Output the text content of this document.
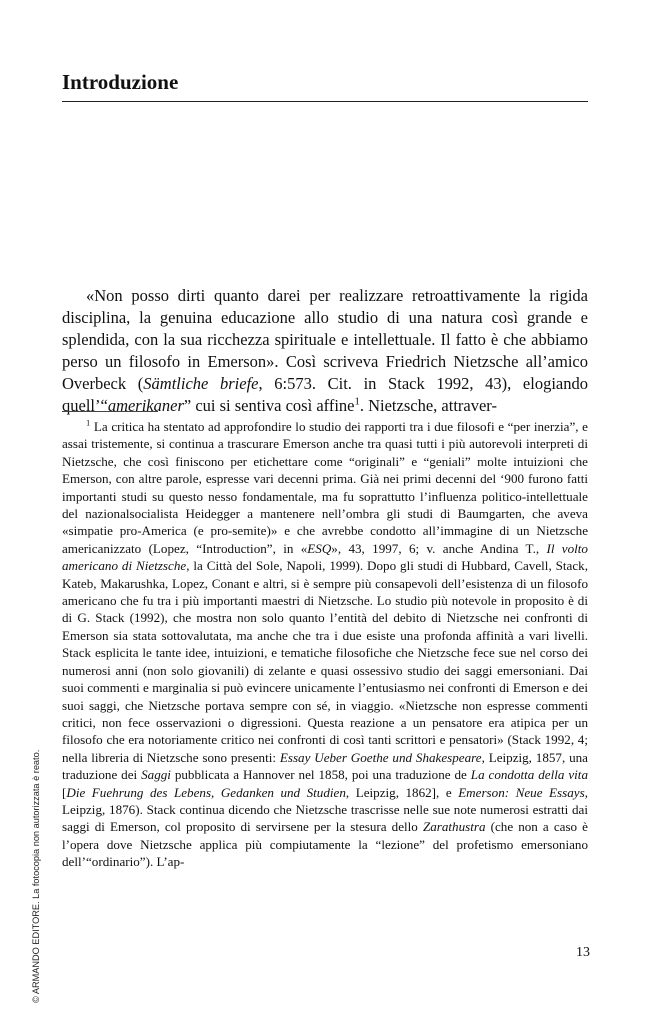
Introduzione

«Non posso dirti quanto darei per realizzare retroattivamente la rigida disciplina, la genuina educazione allo studio di una natura così grande e splendida, con la sua ricchezza spirituale e intellettuale. Il fatto è che abbiamo perso un filosofo in Emerson». Così scriveva Friedrich Nietzsche all’amico Overbeck (Sämtliche briefe, 6:573. Cit. in Stack 1992, 43), elogiando quell’“amerikaner” cui si sentiva così affine$^1$. Nietzsche, attraver-

$^1$ La critica ha stentato ad approfondire lo studio dei rapporti tra i due filosofi e “per inerzia”, e assai tristemente, si continua a trascurare Emerson anche tra quasi tutti i più autorevoli interpreti di Nietzsche, che così finiscono per etichettare come “originali” e “geniali” molte intuizioni che Emerson, con altre parole, espresse vari decenni prima. Già nei primi decenni del ‘900 furono fatti importanti studi su questo nesso fondamentale, ma fu soprattutto l’influenza politico-intellettuale del nazionalsocialista Heidegger a mantenere nell’ombra gli studi di Baumgarten, che aveva «simpatie pro-America (e pro-semite)» e che avrebbe condotto all’immagine di un Nietzsche americanizzato (Lopez, “Introduction”, in «ESQ», 43, 1997, 6; v. anche Andina T., Il volto americano di Nietzsche, la Città del Sole, Napoli, 1999). Dopo gli studi di Hubbard, Cavell, Stack, Kateb, Makarushka, Lopez, Conant e altri, si è sempre più consapevoli dell’esistenza di un filosofo americano che fu tra i più importanti maestri di Nietzsche. Lo studio più notevole in proposito è di di G. Stack (1992), che mostra non solo quanto l’entità del debito di Nietzsche nei confronti di Emerson sia stata sottovalutata, ma anche che tra i due esiste una profonda affinità a vari livelli. Stack esplicita le tante idee, intuizioni, e tematiche filosofiche che Nietzsche fece sue nel corso dei numerosi anni (non solo giovanili) di zelante e quasi ossessivo studio dei saggi emersoniani. Dai suoi commenti e marginalia si può evincere unicamente l’entusiasmo nei confronti di Emerson e dei suoi saggi, che Nietzsche portava sempre con sé, in viaggio. «Nietzsche non espresse commenti critici, non fece osservazioni o digressioni. Questa reazione a un pensatore era atipica per un filosofo che era notoriamente critico nei confronti di così tanti scrittori e pensatori» (Stack 1992, 4; nella libreria di Nietzsche sono presenti: Essay Ueber Goethe und Shakespeare, Leipzig, 1857, una traduzione dei Saggi pubblicata a Hannover nel 1858, poi una traduzione de La condotta della vita [Die Fuehrung des Lebens, Gedanken und Studien, Leipzig, 1862], e Emerson: Neue Essays, Leipzig, 1876). Stack continua dicendo che Nietzsche trascrisse nelle sue note numerosi estratti dai saggi di Emerson, col proposito di servirsene per la stesura dello Zarathustra (che non a caso è l’opera dove Nietzsche applica più compiutamente la “lezione” del profetismo emersoniano dell’“ordinario”). L’ap-

13
© ARMANDO EDITORE. La fotocopia non autorizzata è reato.
